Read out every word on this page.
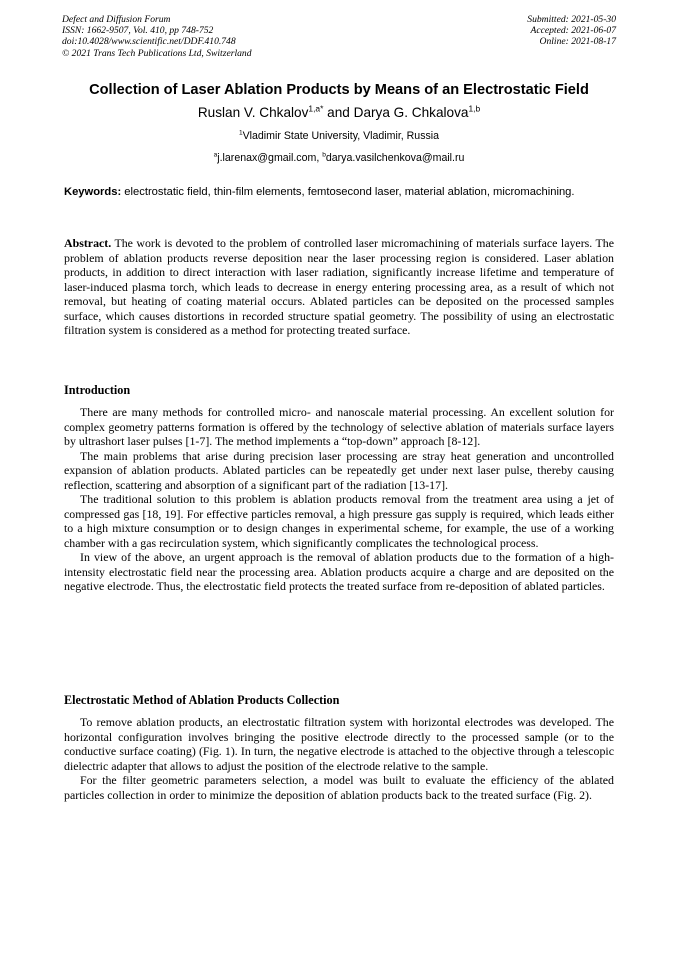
Defect and Diffusion Forum
ISSN: 1662-9507, Vol. 410, pp 748-752
doi:10.4028/www.scientific.net/DDF.410.748
© 2021 Trans Tech Publications Ltd, Switzerland
Submitted: 2021-05-30
Accepted: 2021-06-07
Online: 2021-08-17
Collection of Laser Ablation Products by Means of an Electrostatic Field
Ruslan V. Chkalov$^{1,a*}$ and Darya G. Chkalova$^{1,b}$
$^1$Vladimir State University, Vladimir, Russia
$^a$j.larenax@gmail.com, $^b$darya.vasilchenkova@mail.ru
Keywords: electrostatic field, thin-film elements, femtosecond laser, material ablation, micromachining.
Abstract. The work is devoted to the problem of controlled laser micromachining of materials surface layers. The problem of ablation products reverse deposition near the laser processing region is considered. Laser ablation products, in addition to direct interaction with laser radiation, significantly increase lifetime and temperature of laser-induced plasma torch, which leads to decrease in energy entering processing area, as a result of which not removal, but heating of coating material occurs. Ablated particles can be deposited on the processed samples surface, which causes distortions in recorded structure spatial geometry. The possibility of using an electrostatic filtration system is considered as a method for protecting treated surface.
Introduction

There are many methods for controlled micro- and nanoscale material processing. An excellent solution for complex geometry patterns formation is offered by the technology of selective ablation of materials surface layers by ultrashort laser pulses [1-7]. The method implements a “top-down” approach [8-12].

The main problems that arise during precision laser processing are stray heat generation and uncontrolled expansion of ablation products. Ablated particles can be repeatedly get under next laser pulse, thereby causing reflection, scattering and absorption of a significant part of the radiation [13-17].

The traditional solution to this problem is ablation products removal from the treatment area using a jet of compressed gas [18, 19]. For effective particles removal, a high pressure gas supply is required, which leads either to a high mixture consumption or to design changes in experimental scheme, for example, the use of a working chamber with a gas recirculation system, which significantly complicates the technological process.

In view of the above, an urgent approach is the removal of ablation products due to the formation of a high-intensity electrostatic field near the processing area. Ablation products acquire a charge and are deposited on the negative electrode. Thus, the electrostatic field protects the treated surface from re-deposition of ablated particles.

Electrostatic Method of Ablation Products Collection

To remove ablation products, an electrostatic filtration system with horizontal electrodes was developed. The horizontal configuration involves bringing the positive electrode directly to the processed sample (or to the conductive surface coating) (Fig. 1). In turn, the negative electrode is attached to the objective through a telescopic dielectric adapter that allows to adjust the position of the electrode relative to the sample.

For the filter geometric parameters selection, a model was built to evaluate the efficiency of the ablated particles collection in order to minimize the deposition of ablation products back to the treated surface (Fig. 2).
